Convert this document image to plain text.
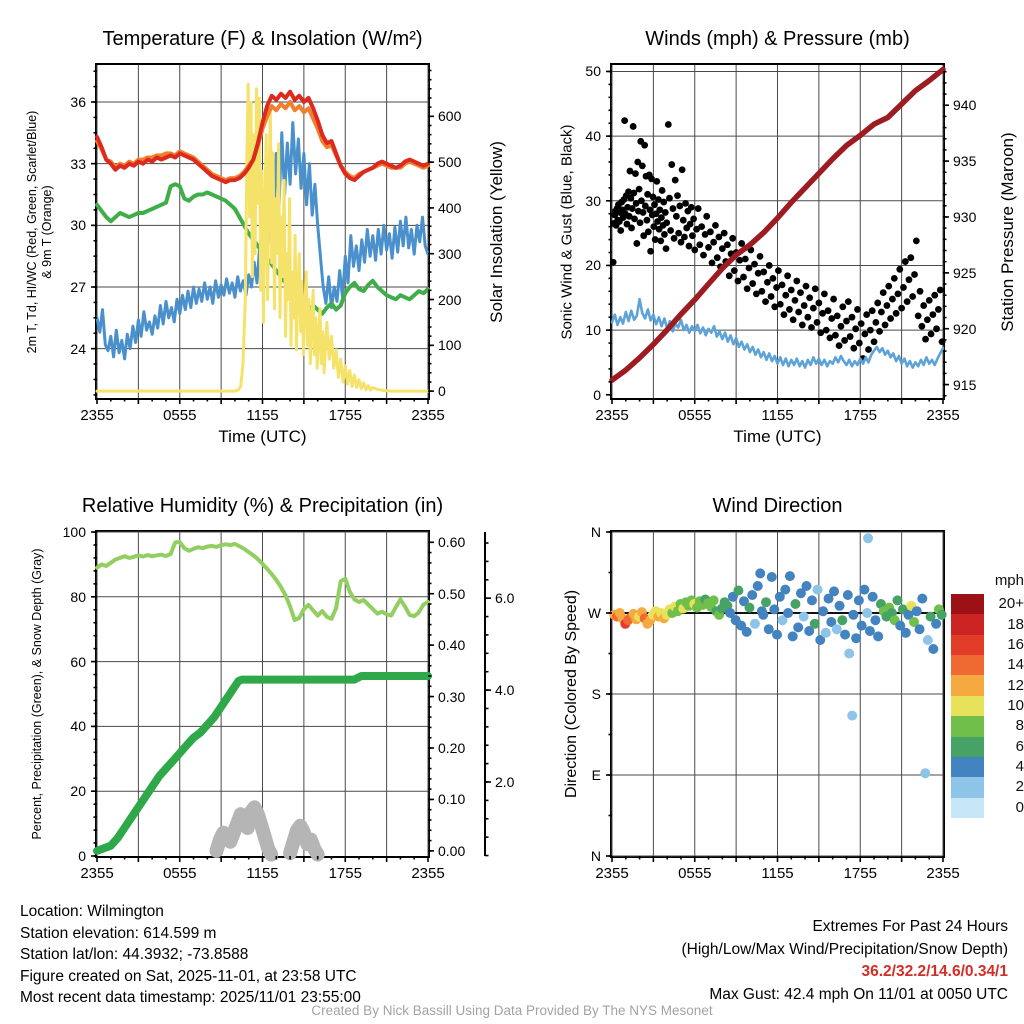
Temperature (F) & Insolation (W/m²)
2355	0555	1155	1755	2355
36
33
30
27
24
0
100
200
300
400
500
600
Time (UTC)
2m T, Td, HI/WC (Red, Green, Scarlet/Blue) & 9m T (Orange)	Solar Insolation (Yellow)
Winds (mph) & Pressure (mb)
2355	0555	1155	1755	2355
0
10
20
30
40
50
915
920
925
930
935
940
Time (UTC)
Sonic Wind & Gust (Blue, Black)	Station Pressure (Maroon)
Relative Humidity (%) & Precipitation (in)
2355	0555	1155	1755	2355
0
20
40
60
80
100
0.00
0.10
0.20
0.30
0.40
0.50
0.60
2.0
4.0
6.0
Percent, Precipitation (Green), & Snow Depth (Gray)
Wind Direction
2355	0555	1155	1755	2355
N
W
S
E
N
Direction (Colored By Speed)
mph
20+
18
16
14
12
10
8
6
4
2
0
Location: Wilmington
Station elevation: 614.599 m
Station lat/lon: 44.3932; -73.8588
Figure created on Sat, 2025-11-01, at 23:58 UTC
Most recent data timestamp: 2025/11/01 23:55:00
Extremes For Past 24 Hours
(High/Low/Max Wind/Precipitation/Snow Depth)
36.2/32.2/14.6/0.34/1
Max Gust: 42.4 mph On 11/01 at 0050 UTC
Created By Nick Bassill Using Data Provided By The NYS Mesonet
